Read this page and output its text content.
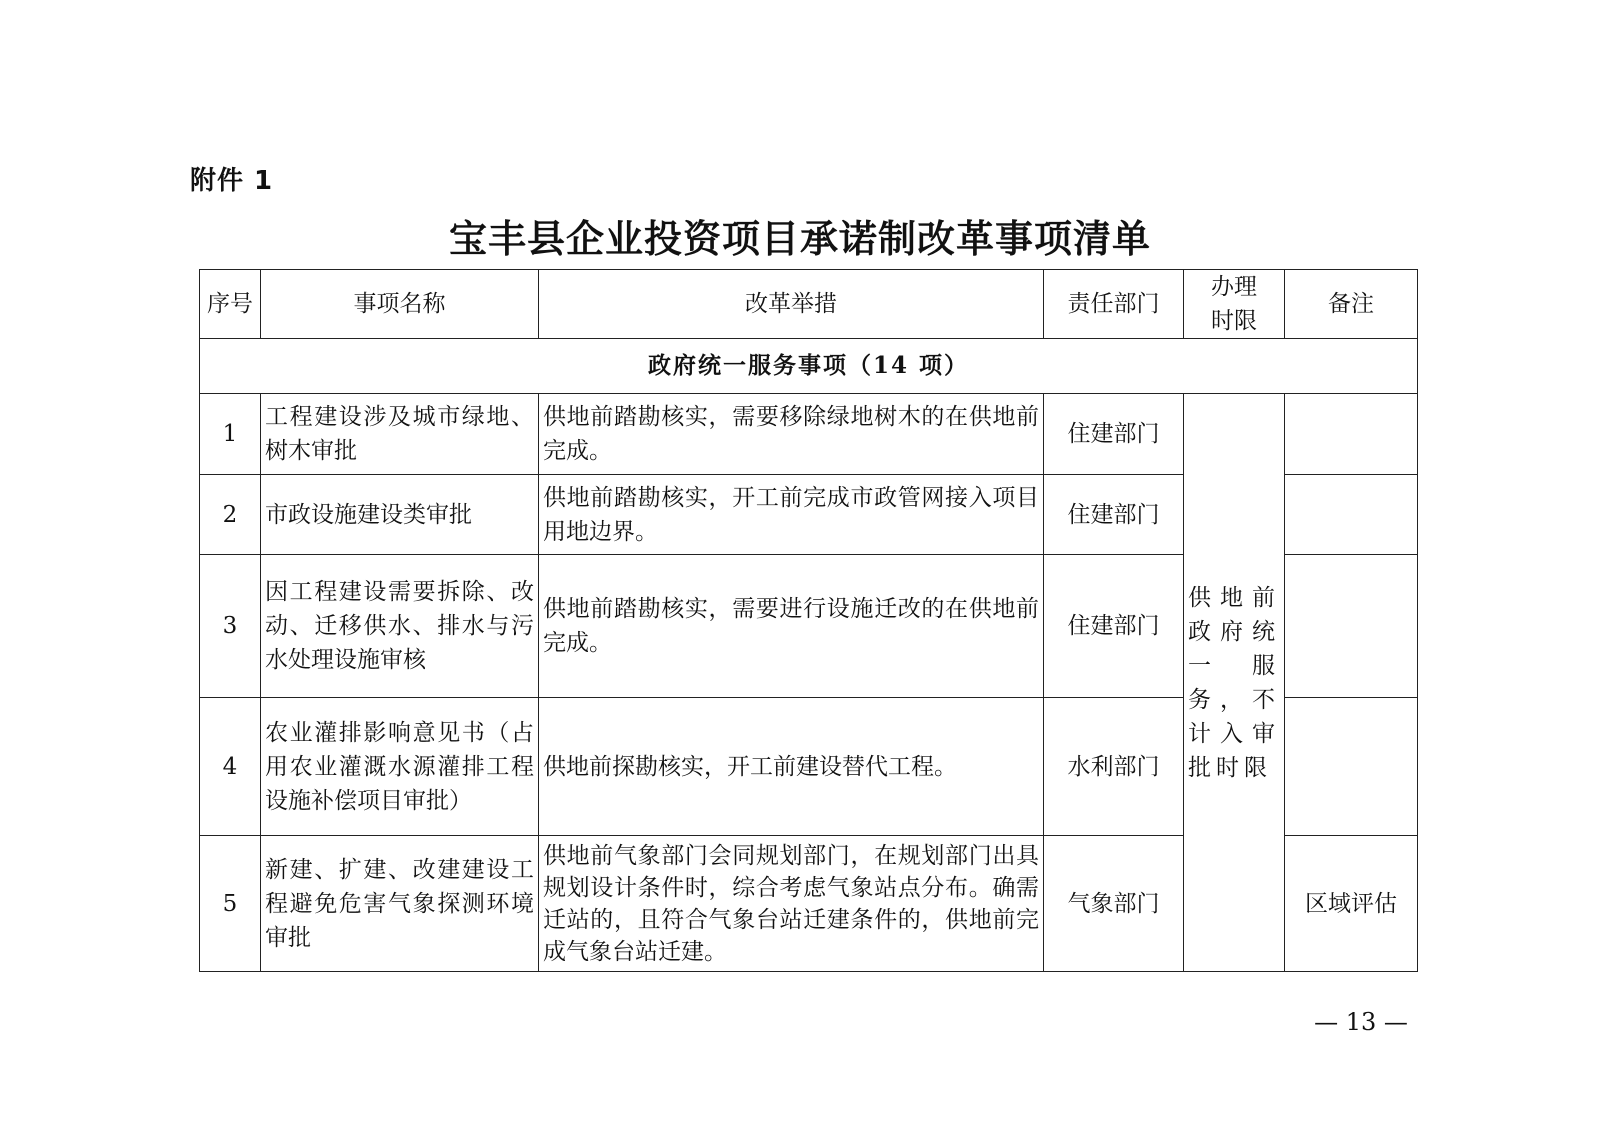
附件 1
宝丰县企业投资项目承诺制改革事项清单
序号	事项名称	改革举措	责任部门	办理时限	备注
政府统一服务事项（14 项）					
1	工程建设涉及城市绿地、树木审批	供地前踏勘核实，需要移除绿地树木的在供地前完成。	住建部门	供地前政府统一服务，不计入审批时限	
2	市政设施建设类审批	供地前踏勘核实，开工前完成市政管网接入项目用地边界。	住建部门		
3	因工程建设需要拆除、改动、迁移供水、排水与污水处理设施审核	供地前踏勘核实，需要进行设施迁改的在供地前完成。	住建部门		
4	农业灌排影响意见书（占用农业灌溉水源灌排工程设施补偿项目审批）	供地前探勘核实，开工前建设替代工程。	水利部门		
5	新建、扩建、改建建设工程避免危害气象探测环境审批	供地前气象部门会同规划部门，在规划部门出具规划设计条件时，综合考虑气象站点分布。确需迁站的，且符合气象台站迁建条件的，供地前完成气象台站迁建。	气象部门		区域评估
— 13 —
